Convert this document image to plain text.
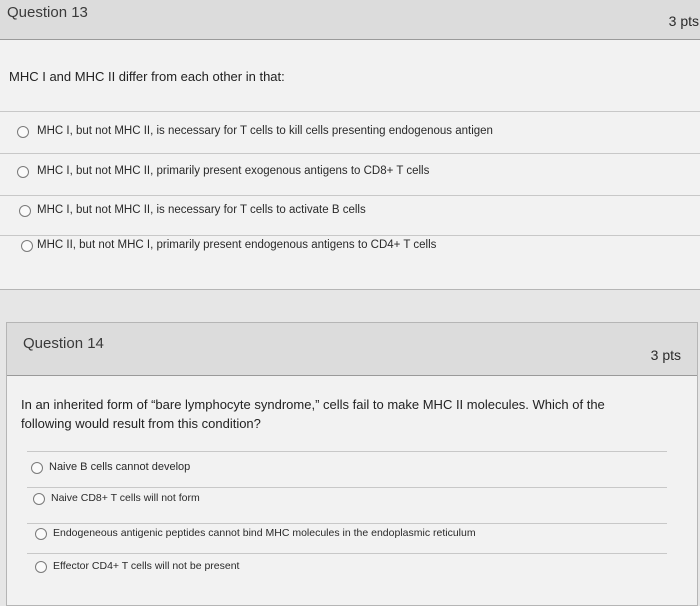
Question 13	3 pts
MHC I and MHC II differ from each other in that:
MHC I, but not MHC II, is necessary for T cells to kill cells presenting endogenous antigen
MHC I, but not MHC II, primarily present exogenous antigens to CD8+ T cells
MHC I, but not MHC II, is necessary for T cells to activate B cells
MHC II, but not MHC I, primarily present endogenous antigens to CD4+ T cells
Question 14
3 pts
In an inherited form of “bare lymphocyte syndrome,” cells fail to make MHC II molecules. Which of the following would result from this condition?
Naive B cells cannot develop
Naive CD8+ T cells will not form
Endogeneous antigenic peptides cannot bind MHC molecules in the endoplasmic reticulum
Effector CD4+ T cells will not be present
